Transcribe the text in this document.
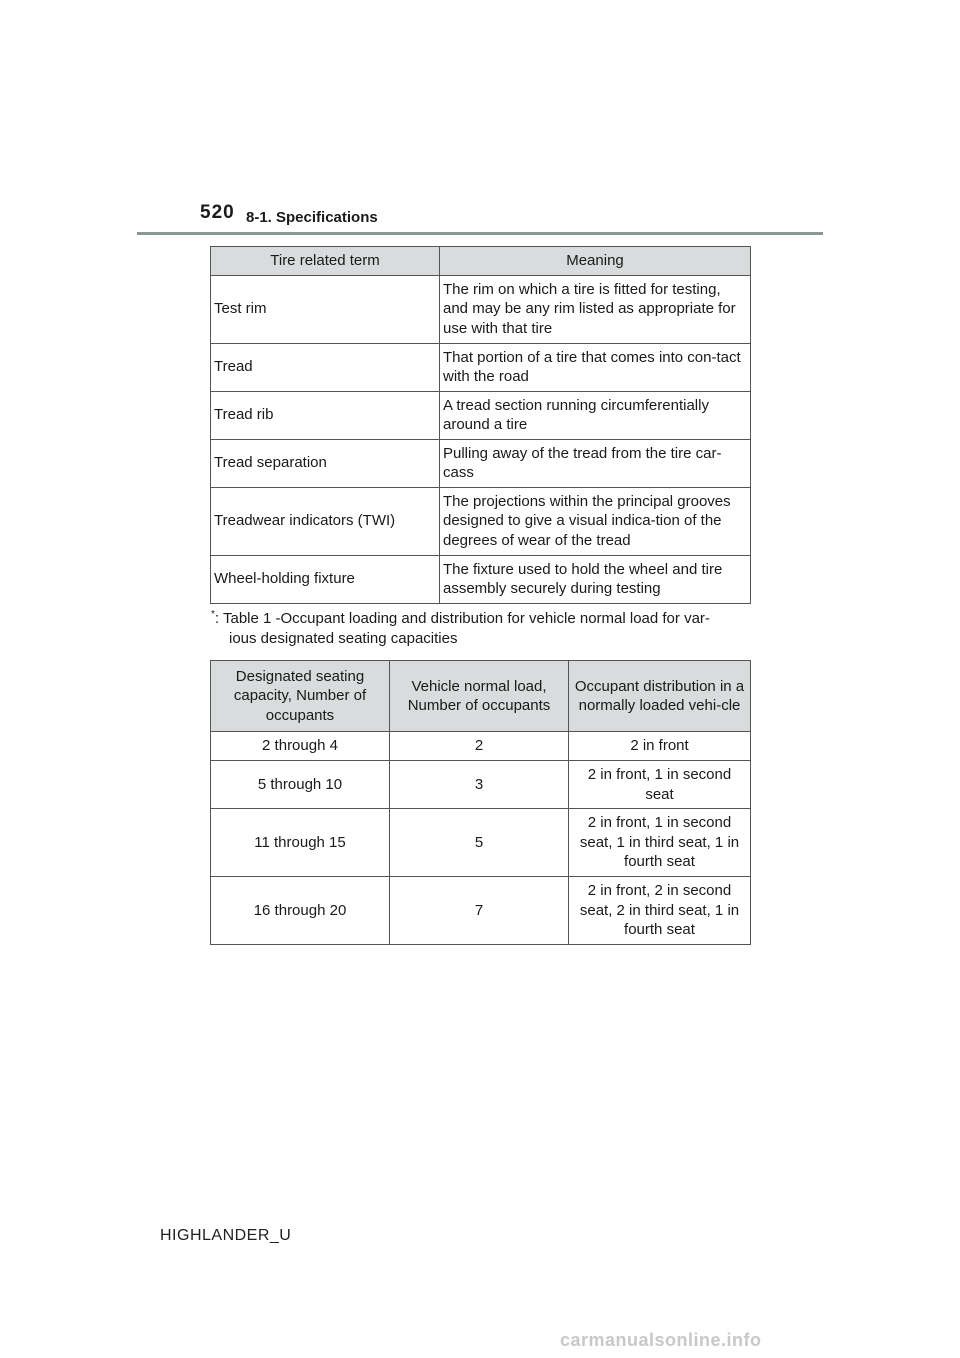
520 8-1. Specifications
Tire related term	Meaning
Test rim	The rim on which a tire is fitted for testing, and may be any rim listed as appropriate for use with that tire
Tread	That portion of a tire that comes into con-tact with the road
Tread rib	A tread section running circumferentially around a tire
Tread separation	Pulling away of the tread from the tire car-cass
Treadwear indicators (TWI)	The projections within the principal grooves designed to give a visual indica-tion of the degrees of wear of the tread
Wheel-holding fixture	The fixture used to hold the wheel and tire assembly securely during testing
*: Table 1 -Occupant loading and distribution for vehicle normal load for var-
ious designated seating capacities
Designated seating capacity, Number of occupants	Vehicle normal load, Number of occupants	Occupant distribution in a normally loaded vehi-cle
2 through 4	2	2 in front
5 through 10	3	2 in front, 1 in second seat
11 through 15	5	2 in front, 1 in second seat, 1 in third seat, 1 in fourth seat
16 through 20	7	2 in front, 2 in second seat, 2 in third seat, 1 in fourth seat
HIGHLANDER_U
carmanualsonline.info
